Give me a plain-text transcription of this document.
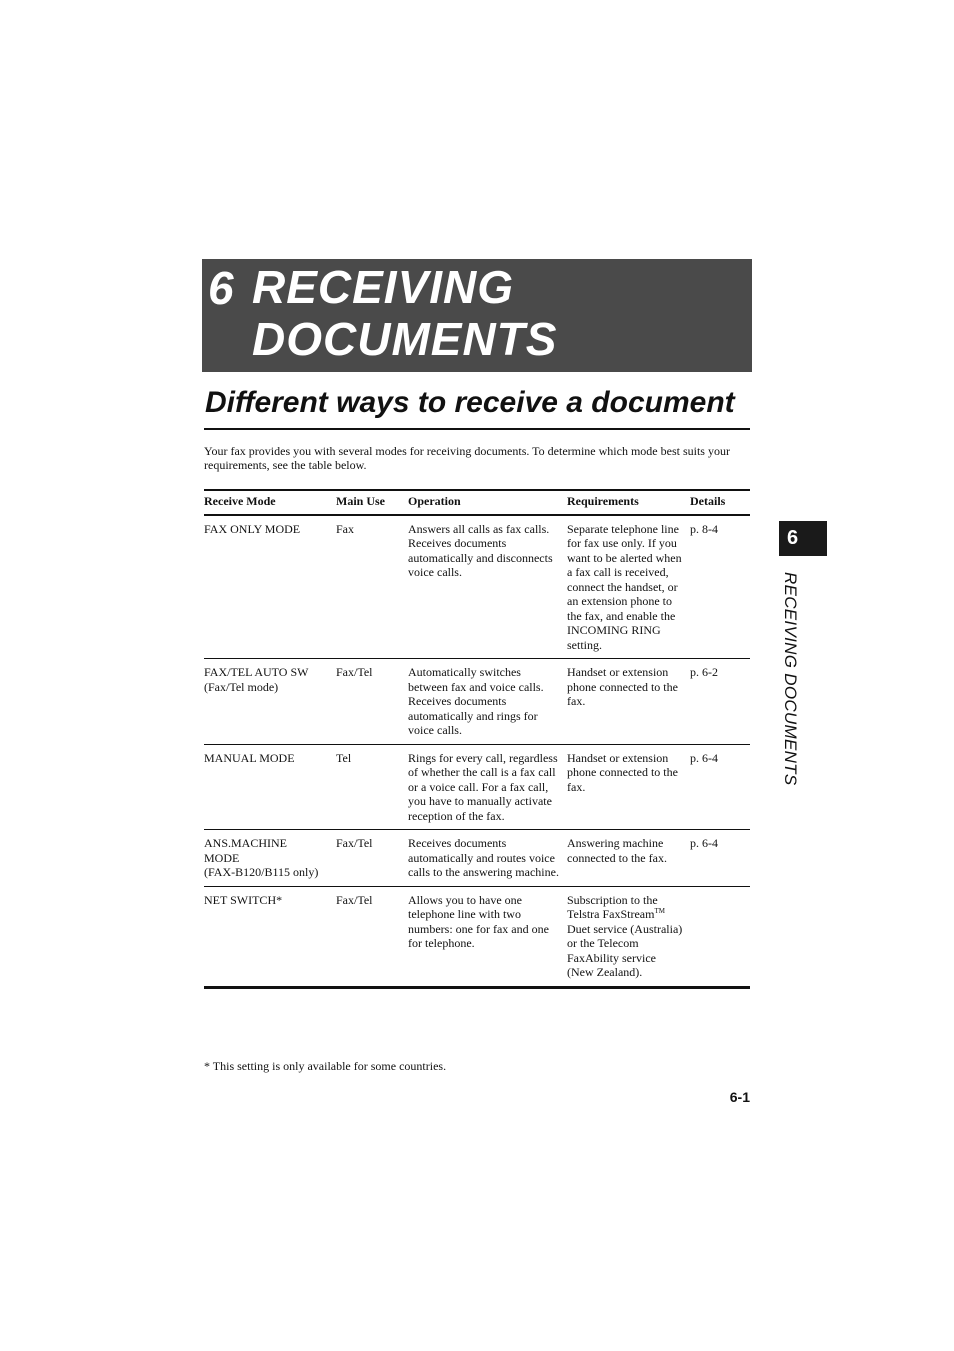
6 RECEIVING
DOCUMENTS
Different ways to receive a document

Your fax provides you with several modes for receiving documents. To determine which mode best suits your requirements, see the table below.

Receive Mode	Main Use	Operation	Requirements	Details

FAX ONLY MODE	Fax	Answers all calls as fax calls. Receives documents automatically and disconnects voice calls.	Separate telephone line for fax use only. If you want to be alerted when a fax call is received, connect the handset, or an extension phone to the fax, and enable the INCOMING RING setting.	p. 8-4

FAX/TEL AUTO SW
(Fax/Tel mode)	Fax/Tel	Automatically switches between fax and voice calls. Receives documents automatically and rings for voice calls.	Handset or extension phone connected to the fax.	p. 6-2

MANUAL MODE	Tel	Rings for every call, regardless of whether the call is a fax call or a voice call. For a fax call, you have to manually activate reception of the fax.	Handset or extension phone connected to the fax.	p. 6-4

ANS.MACHINE
MODE
(FAX-B120/B115 only)	Fax/Tel	Receives documents automatically and routes voice calls to the answering machine.	Answering machine connected to the fax.	p. 6-4

NET SWITCH*	Fax/Tel	Allows you to have one telephone line with two numbers: one for fax and one for telephone.	Subscription to the Telstra FaxStream™ Duet service (Australia) or the Telecom FaxAbility service (New Zealand).	
* This setting is only available for some countries.
6-1
6
RECEIVING DOCUMENTS
